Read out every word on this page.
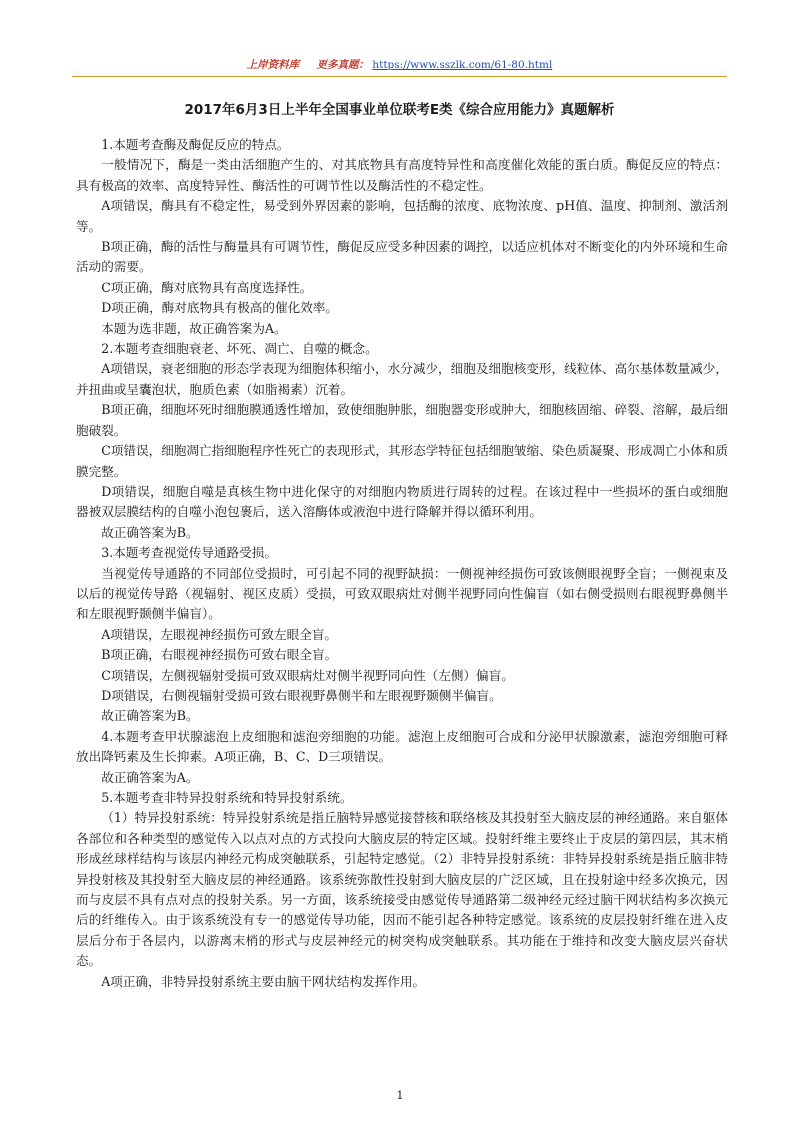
上岸资料库 更多真题： https://www.sszlk.com/61-80.html
2017年6月3日上半年全国事业单位联考E类《综合应用能力》真题解析

1.本题考查酶及酶促反应的特点。

一般情况下，酶是一类由活细胞产生的、对其底物具有高度特异性和高度催化效能的蛋白质。酶促反应的特点：具有极高的效率、高度特异性、酶活性的可调节性以及酶活性的不稳定性。

A项错误，酶具有不稳定性，易受到外界因素的影响，包括酶的浓度、底物浓度、pH值、温度、抑制剂、激活剂等。

B项正确，酶的活性与酶量具有可调节性，酶促反应受多种因素的调控，以适应机体对不断变化的内外环境和生命活动的需要。

C项正确，酶对底物具有高度选择性。

D项正确，酶对底物具有极高的催化效率。

本题为选非题，故正确答案为A。

2.本题考查细胞衰老、坏死、凋亡、自噬的概念。

A项错误，衰老细胞的形态学表现为细胞体积缩小，水分减少，细胞及细胞核变形，线粒体、高尔基体数量减少，并扭曲或呈囊泡状，胞质色素（如脂褐素）沉着。

B项正确，细胞坏死时细胞膜通透性增加，致使细胞肿胀，细胞器变形或肿大，细胞核固缩、碎裂、溶解，最后细胞破裂。

C项错误，细胞凋亡指细胞程序性死亡的表现形式，其形态学特征包括细胞皱缩、染色质凝聚、形成凋亡小体和质膜完整。

D项错误，细胞自噬是真核生物中进化保守的对细胞内物质进行周转的过程。在该过程中一些损坏的蛋白或细胞器被双层膜结构的自噬小泡包裹后，送入溶酶体或液泡中进行降解并得以循环利用。

故正确答案为B。

3.本题考查视觉传导通路受损。

当视觉传导通路的不同部位受损时，可引起不同的视野缺损：一侧视神经损伤可致该侧眼视野全盲；一侧视束及以后的视觉传导路（视辐射、视区皮质）受损，可致双眼病灶对侧半视野同向性偏盲（如右侧受损则右眼视野鼻侧半和左眼视野颞侧半偏盲）。

A项错误，左眼视神经损伤可致左眼全盲。

B项正确，右眼视神经损伤可致右眼全盲。

C项错误，左侧视辐射受损可致双眼病灶对侧半视野同向性（左侧）偏盲。

D项错误，右侧视辐射受损可致右眼视野鼻侧半和左眼视野颞侧半偏盲。

故正确答案为B。

4.本题考查甲状腺滤泡上皮细胞和滤泡旁细胞的功能。滤泡上皮细胞可合成和分泌甲状腺激素，滤泡旁细胞可释放出降钙素及生长抑素。A项正确，B、C、D三项错误。

故正确答案为A。

5.本题考查非特异投射系统和特异投射系统。

（1）特异投射系统：特异投射系统是指丘脑特异感觉接替核和联络核及其投射至大脑皮层的神经通路。来自躯体各部位和各种类型的感觉传入以点对点的方式投向大脑皮层的特定区域。投射纤维主要终止于皮层的第四层，其末梢形成丝球样结构与该层内神经元构成突触联系，引起特定感觉。（2）非特异投射系统：非特异投射系统是指丘脑非特异投射核及其投射至大脑皮层的神经通路。该系统弥散性投射到大脑皮层的广泛区域，且在投射途中经多次换元，因而与皮层不具有点对点的投射关系。另一方面，该系统接受由感觉传导通路第二级神经元经过脑干网状结构多次换元后的纤维传入。由于该系统没有专一的感觉传导功能，因而不能引起各种特定感觉。该系统的皮层投射纤维在进入皮层后分布于各层内，以游离末梢的形式与皮层神经元的树突构成突触联系。其功能在于维持和改变大脑皮层兴奋状态。

A项正确，非特异投射系统主要由脑干网状结构发挥作用。

1
